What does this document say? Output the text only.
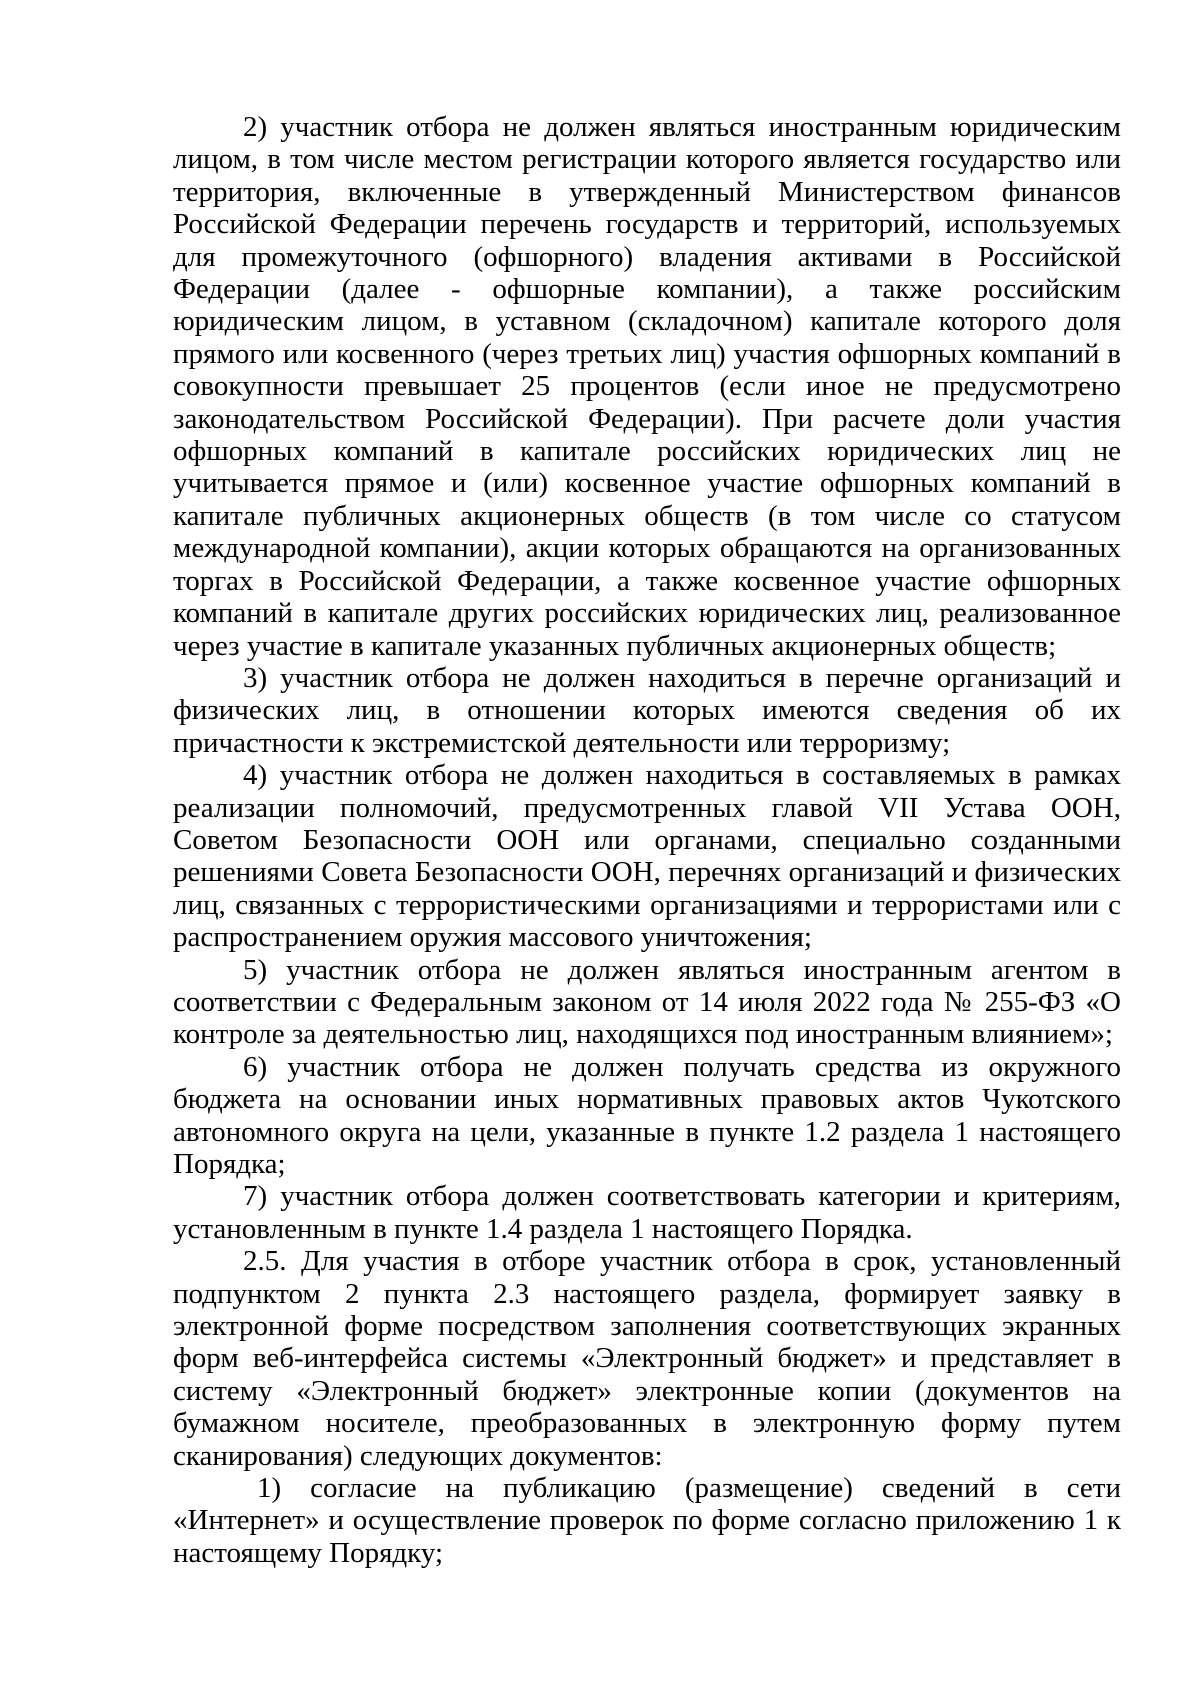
2) участник отбора не должен являться иностранным юридическим лицом, в том числе местом регистрации которого является государство или территория, включенные в утвержденный Министерством финансов Российской Федерации перечень государств и территорий, используемых для промежуточного (офшорного) владения активами в Российской Федерации (далее - офшорные компании), а также российским юридическим лицом, в уставном (складочном) капитале которого доля прямого или косвенного (через третьих лиц) участия офшорных компаний в совокупности превышает 25 процентов (если иное не предусмотрено законодательством Российской Федерации). При расчете доли участия офшорных компаний в капитале российских юридических лиц не учитывается прямое и (или) косвенное участие офшорных компаний в капитале публичных акционерных обществ (в том числе со статусом международной компании), акции которых обращаются на организованных торгах в Российской Федерации, а также косвенное участие офшорных компаний в капитале других российских юридических лиц, реализованное через участие в капитале указанных публичных акционерных обществ;

3) участник отбора не должен находиться в перечне организаций и физических лиц, в отношении которых имеются сведения об их причастности к экстремистской деятельности или терроризму;

4) участник отбора не должен находиться в составляемых в рамках реализации полномочий, предусмотренных главой VII Устава ООН, Советом Безопасности ООН или органами, специально созданными решениями Совета Безопасности ООН, перечнях организаций и физических лиц, связанных с террористическими организациями и террористами или с распространением оружия массового уничтожения;

5) участник отбора не должен являться иностранным агентом в соответствии с Федеральным законом от 14 июля 2022 года № 255-ФЗ «О контроле за деятельностью лиц, находящихся под иностранным влиянием»;

6) участник отбора не должен получать средства из окружного бюджета на основании иных нормативных правовых актов Чукотского автономного округа на цели, указанные в пункте 1.2 раздела 1 настоящего Порядка;

7) участник отбора должен соответствовать категории и критериям, установленным в пункте 1.4 раздела 1 настоящего Порядка.

2.5. Для участия в отборе участник отбора в срок, установленный подпунктом 2 пункта 2.3 настоящего раздела, формирует заявку в электронной форме посредством заполнения соответствующих экранных форм веб-интерфейса системы «Электронный бюджет» и представляет в систему «Электронный бюджет» электронные копии (документов на бумажном носителе, преобразованных в электронную форму путем сканирования) следующих документов:

1) согласие на публикацию (размещение) сведений в сети «Интернет» и осуществление проверок по форме согласно приложению 1 к настоящему Порядку;
